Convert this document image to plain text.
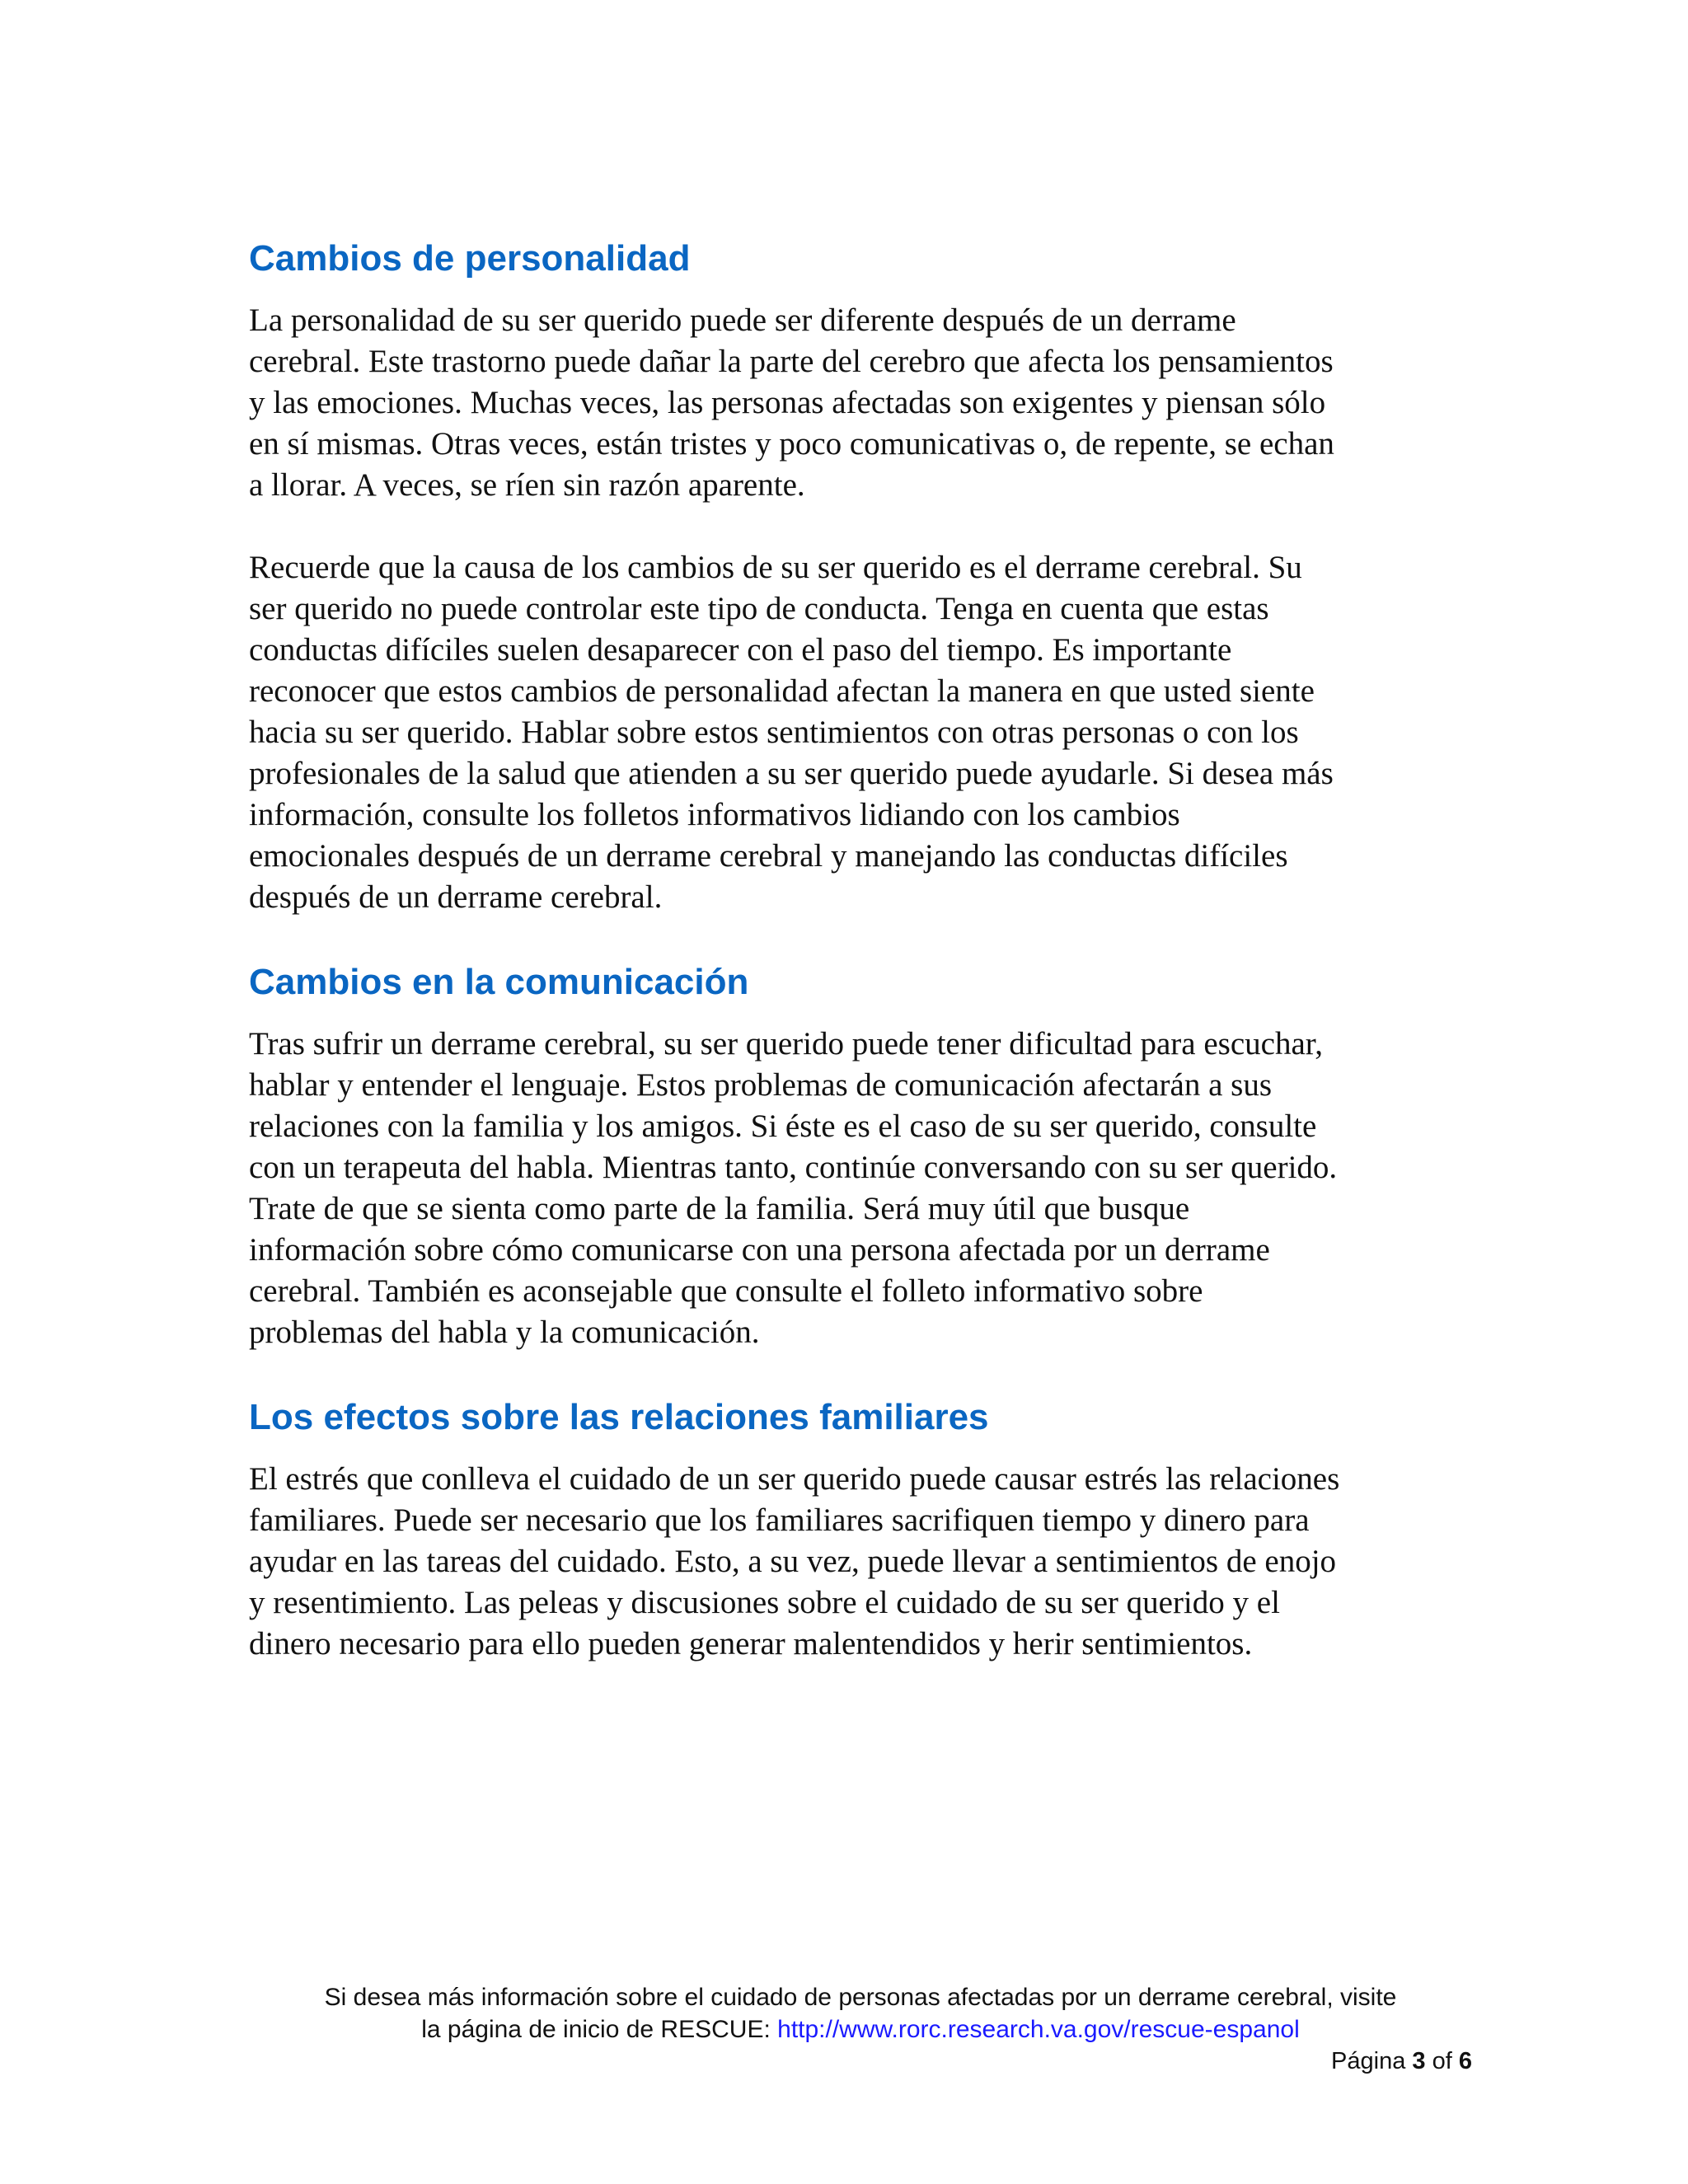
Cambios de personalidad

La personalidad de su ser querido puede ser diferente después de un derrame
cerebral. Este trastorno puede dañar la parte del cerebro que afecta los pensamientos
y las emociones. Muchas veces, las personas afectadas son exigentes y piensan sólo
en sí mismas. Otras veces, están tristes y poco comunicativas o, de repente, se echan
a llorar. A veces, se ríen sin razón aparente.

Recuerde que la causa de los cambios de su ser querido es el derrame cerebral. Su
ser querido no puede controlar este tipo de conducta. Tenga en cuenta que estas
conductas difíciles suelen desaparecer con el paso del tiempo. Es importante
reconocer que estos cambios de personalidad afectan la manera en que usted siente
hacia su ser querido. Hablar sobre estos sentimientos con otras personas o con los
profesionales de la salud que atienden a su ser querido puede ayudarle. Si desea más
información, consulte los folletos informativos lidiando con los cambios
emocionales después de un derrame cerebral y manejando las conductas difíciles
después de un derrame cerebral.

Cambios en la comunicación

Tras sufrir un derrame cerebral, su ser querido puede tener dificultad para escuchar,
hablar y entender el lenguaje. Estos problemas de comunicación afectarán a sus
relaciones con la familia y los amigos. Si éste es el caso de su ser querido, consulte
con un terapeuta del habla. Mientras tanto, continúe conversando con su ser querido.
Trate de que se sienta como parte de la familia. Será muy útil que busque
información sobre cómo comunicarse con una persona afectada por un derrame
cerebral. También es aconsejable que consulte el folleto informativo sobre
problemas del habla y la comunicación.

Los efectos sobre las relaciones familiares

El estrés que conlleva el cuidado de un ser querido puede causar estrés las relaciones
familiares. Puede ser necesario que los familiares sacrifiquen tiempo y dinero para
ayudar en las tareas del cuidado. Esto, a su vez, puede llevar a sentimientos de enojo
y resentimiento. Las peleas y discusiones sobre el cuidado de su ser querido y el
dinero necesario para ello pueden generar malentendidos y herir sentimientos.

Si desea más información sobre el cuidado de personas afectadas por un derrame cerebral, visite
la página de inicio de RESCUE: http://www.rorc.research.va.gov/rescue-espanol
Página 3 of 6
